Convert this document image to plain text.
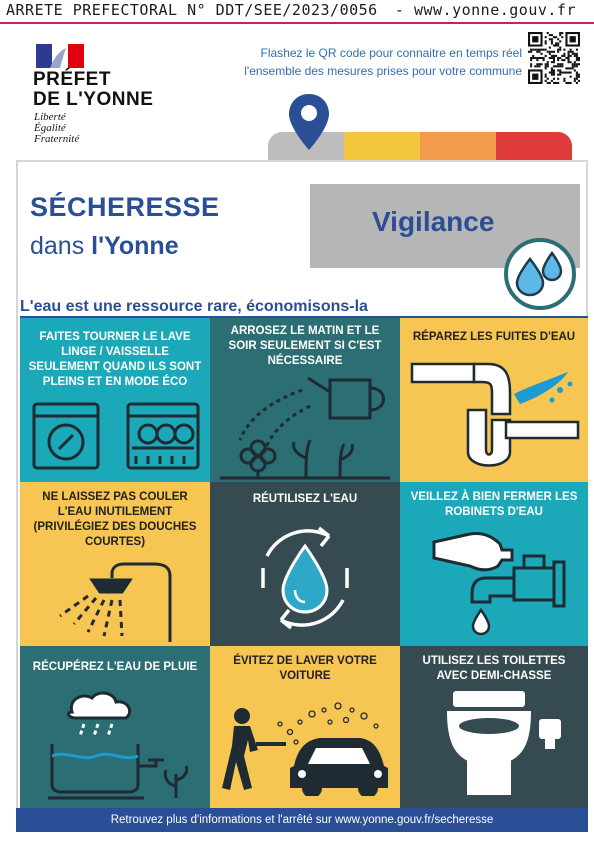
ARRETE PREFECTORAL N° DDT/SEE/2023/0056 - www.yonne.gouv.fr
PRÉFET
DE L'YONNE
Liberté
Égalité
Fraternité
Flashez le QR code pour connaitre en temps réel
l'ensemble des mesures prises pour votre commune
SÉCHERESSE
dans l'Yonne
Vigilance
L'eau est une ressource rare, économisons-la
FAITES TOURNER LE LAVE LINGE / VAISSELLE SEULEMENT QUAND ILS SONT PLEINS ET EN MODE ÉCO
ARROSEZ LE MATIN ET LE SOIR SEULEMENT SI C'EST NÉCESSAIRE
RÉPAREZ LES FUITES D'EAU
NE LAISSEZ PAS COULER L'EAU INUTILEMENT (PRIVILÉGIEZ DES DOUCHES COURTES)
RÉUTILISEZ L'EAU	VEILLEZ À BIEN FERMER LES ROBINETS D'EAU
RÉCUPÉREZ L'EAU DE PLUIE	ÉVITEZ DE LAVER VOTRE VOITURE
UTILISEZ LES TOILETTES AVEC DEMI-CHASSE
Retrouvez plus d'informations et l'arrêté sur www.yonne.gouv.fr/secheresse
